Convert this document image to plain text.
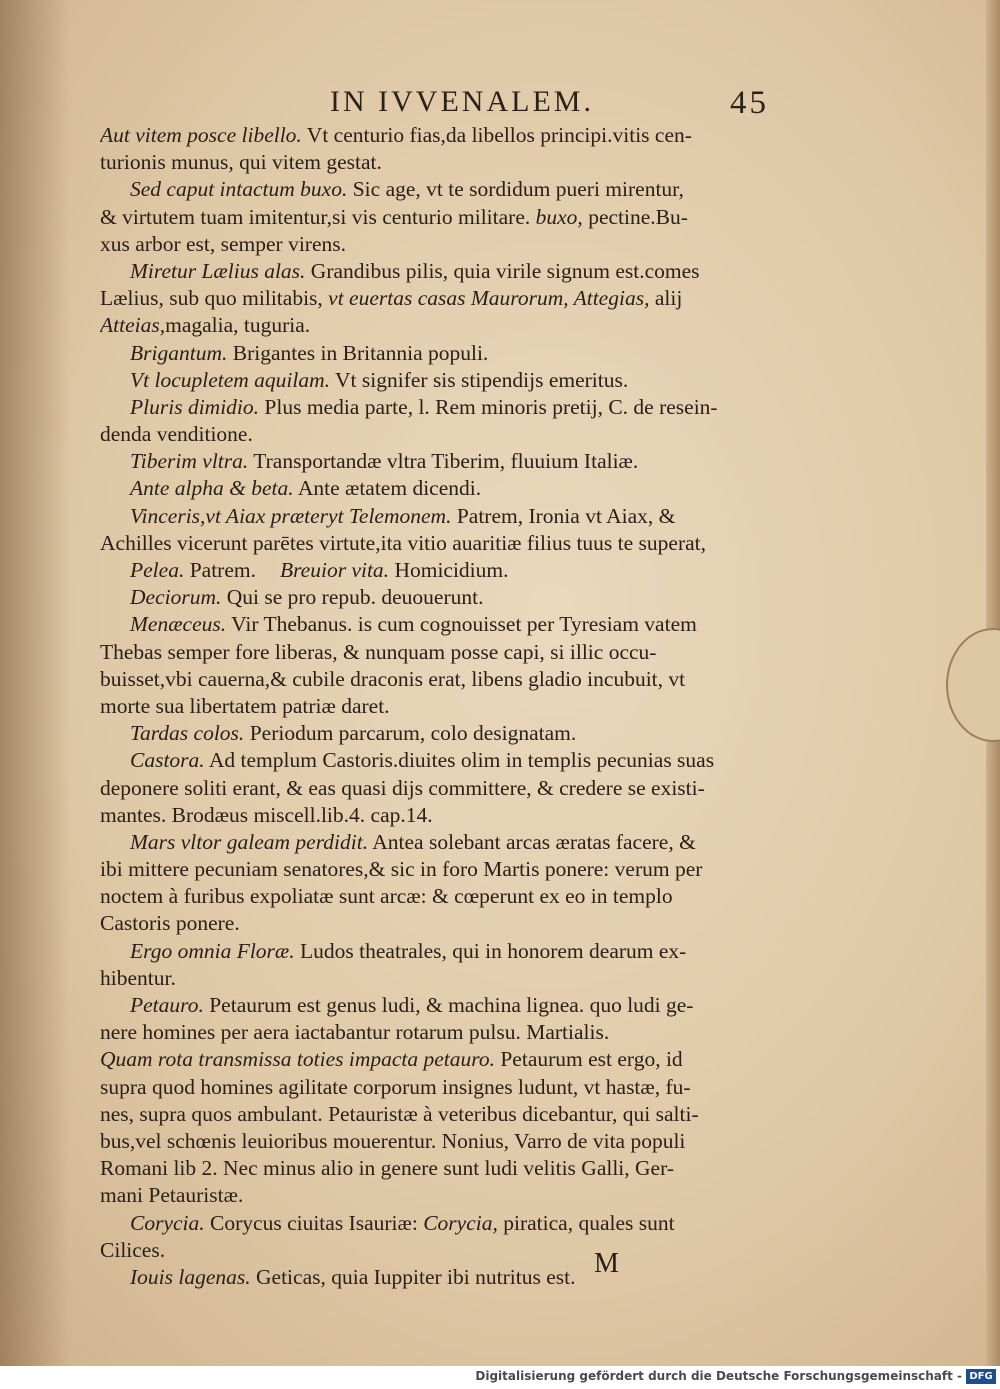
IN IVVENALEM.	45
Aut vitem posce libello. Vt centurio fias,da libellos principi.vitis cen-
turionis munus, qui vitem gestat.
Sed caput intactum buxo. Sic age, vt te sordidum pueri mirentur,
& virtutem tuam imitentur,si vis centurio militare. buxo, pectine.Bu-
xus arbor est, semper virens.
Miretur Lælius alas. Grandibus pilis, quia virile signum est.comes
Lælius, sub quo militabis, vt euertas casas Maurorum, Attegias, alij
Atteias,magalia, tuguria.
Brigantum. Brigantes in Britannia populi.
Vt locupletem aquilam. Vt signifer sis stipendijs emeritus.
Pluris dimidio. Plus media parte, l. Rem minoris pretij, C. de resein-
denda venditione.
Tiberim vltra. Transportandæ vltra Tiberim, fluuium Italiæ.
Ante alpha & beta. Ante ætatem dicendi.
Vinceris,vt Aiax præteryt Telemonem. Patrem, Ironia vt Aiax, &
Achilles vicerunt parētes virtute,ita vitio auaritiæ filius tuus te superat,
Pelea. Patrem. Breuior vita. Homicidium.
Deciorum. Qui se pro repub. deuouerunt.
Menæceus. Vir Thebanus. is cum cognouisset per Tyresiam vatem
Thebas semper fore liberas, & nunquam posse capi, si illic occu-
buisset,vbi cauerna,& cubile draconis erat, libens gladio incubuit, vt
morte sua libertatem patriæ daret.
Tardas colos. Periodum parcarum, colo designatam.
Castora. Ad templum Castoris.diuites olim in templis pecunias suas
deponere soliti erant, & eas quasi dijs committere, & credere se existi-
mantes. Brodæus miscell.lib.4. cap.14.
Mars vltor galeam perdidit. Antea solebant arcas æratas facere, &
ibi mittere pecuniam senatores,& sic in foro Martis ponere: verum per
noctem à furibus expoliatæ sunt arcæ: & cœperunt ex eo in templo
Castoris ponere.
Ergo omnia Floræ. Ludos theatrales, qui in honorem dearum ex-
hibentur.
Petauro. Petaurum est genus ludi, & machina lignea. quo ludi ge-
nere homines per aera iactabantur rotarum pulsu. Martialis.
Quam rota transmissa toties impacta petauro. Petaurum est ergo, id
supra quod homines agilitate corporum insignes ludunt, vt hastæ, fu-
nes, supra quos ambulant. Petauristæ à veteribus dicebantur, qui salti-
bus,vel schœnis leuioribus mouerentur. Nonius, Varro de vita populi
Romani lib 2. Nec minus alio in genere sunt ludi velitis Galli, Ger-
mani Petauristæ.
Corycia. Corycus ciuitas Isauriæ: Corycia, piratica, quales sunt
Cilices.
Iouis lagenas. Geticas, quia Iuppiter ibi nutritus est. M
Digitalisierung gefördert durch die Deutsche Forschungsgemeinschaft - DFG
